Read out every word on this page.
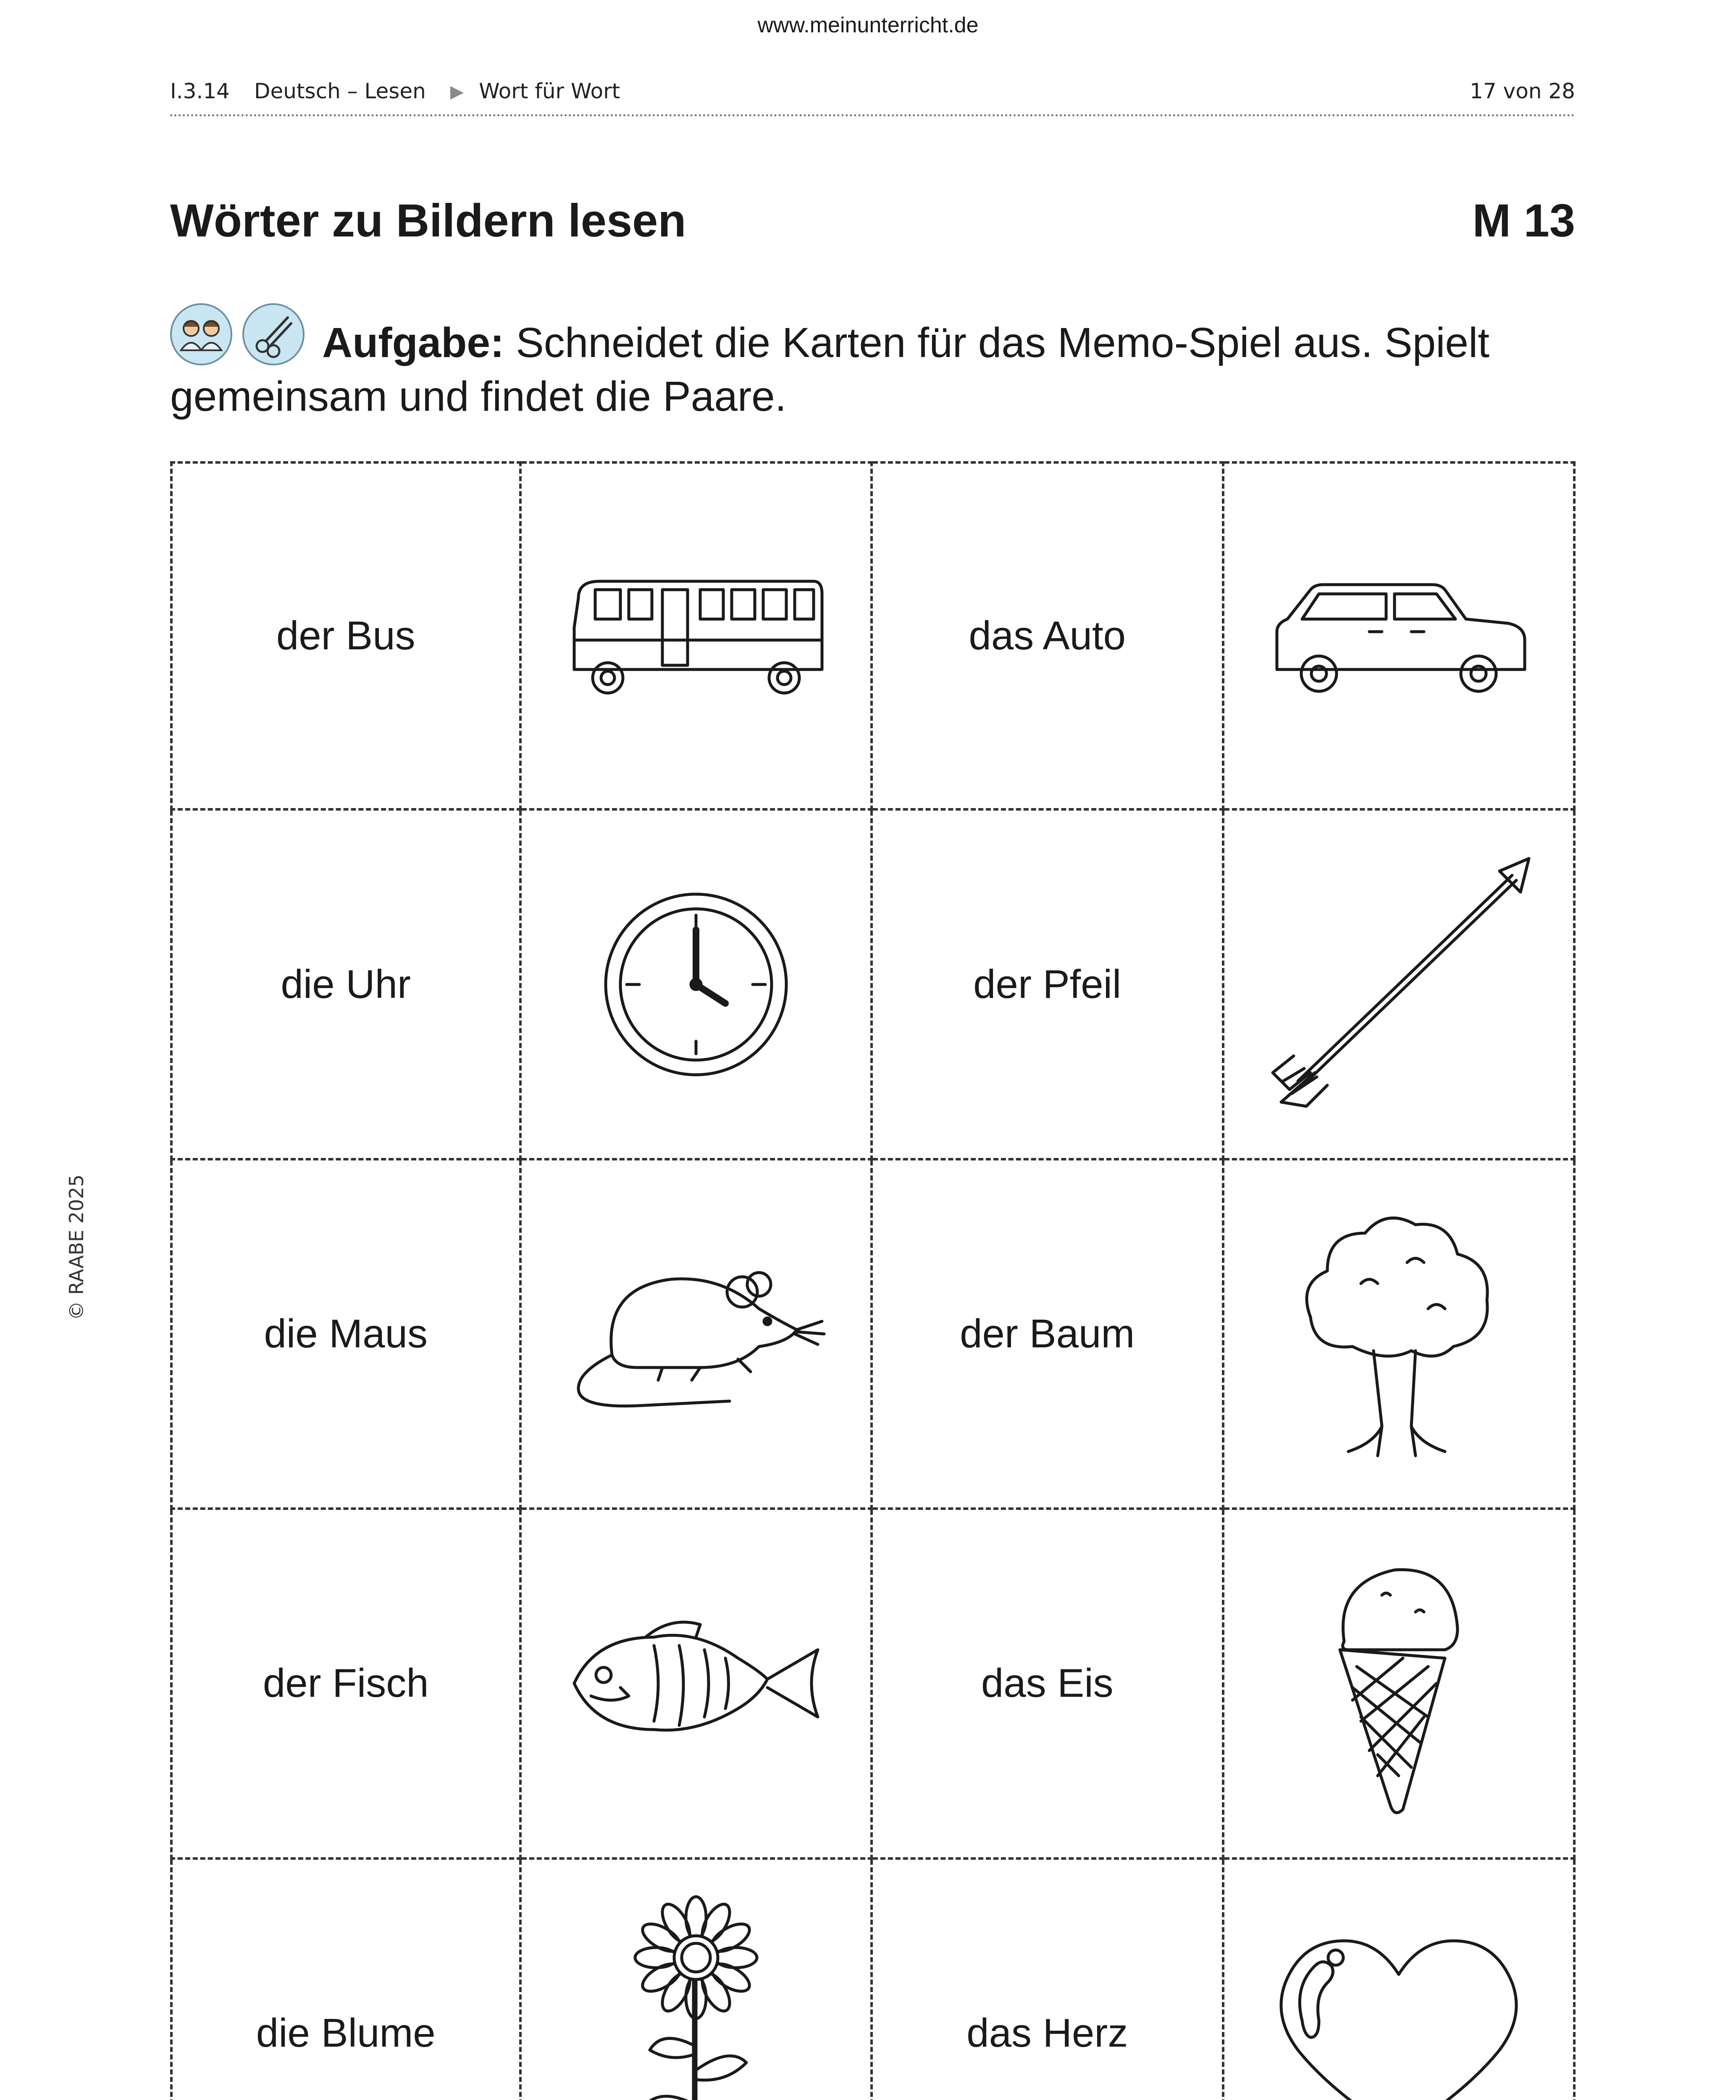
www.meinunterricht.de
I.3.14 Deutsch – Lesen ▶ Wort für Wort	17 von 28
Wörter zu Bildern lesen	M 13
Aufgabe: Schneidet die Karten für das Memo-Spiel aus. Spielt gemeinsam und findet die Paare.
der Bus	das Auto
die Uhr	der Pfeil
die Maus	der Baum
der Fisch	das Eis
die Blume	das Herz
© RAABE 2025
